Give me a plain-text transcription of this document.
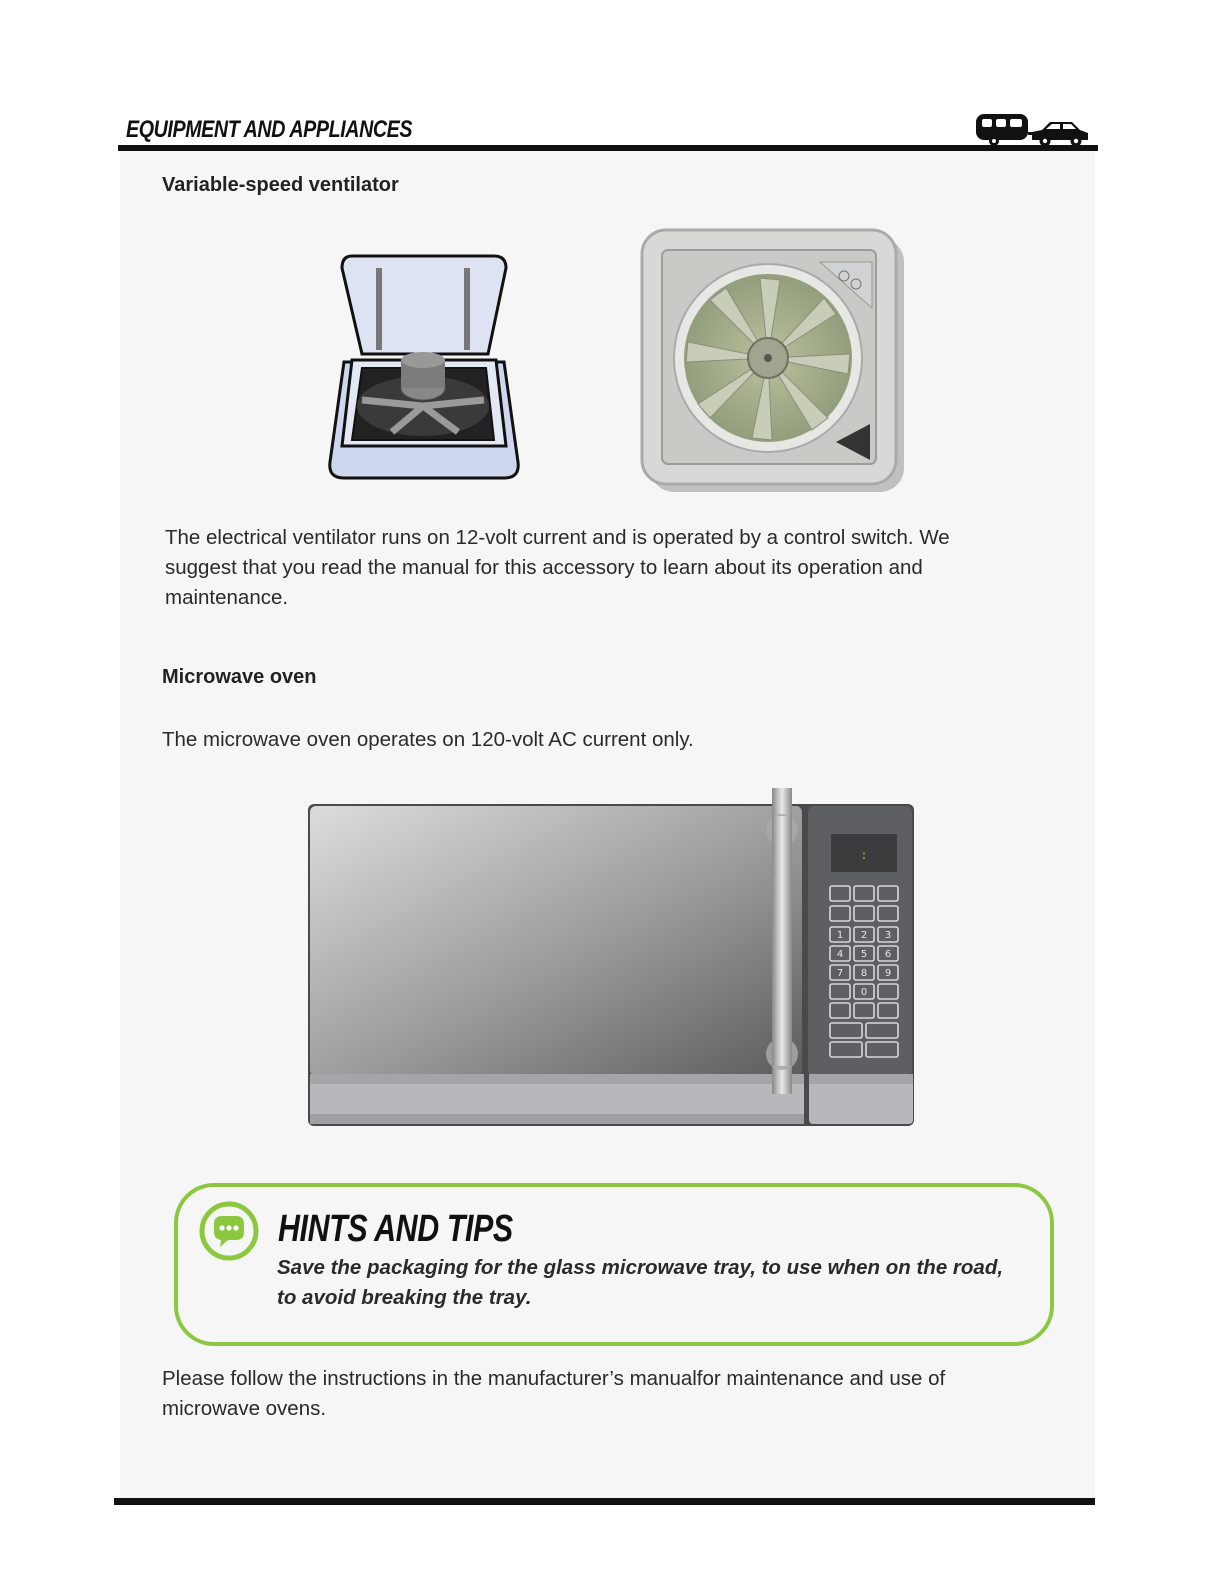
EQUIPMENT AND APPLIANCES
Variable-speed ventilator

The electrical ventilator runs on 12-volt current and is operated by a control switch. We suggest that you read the manual for this accessory to learn about its operation and maintenance.

Microwave oven

The microwave oven operates on 120-volt AC current only.

:
1 2 3
4 5 6
7 8 9
0
HINTS AND TIPS

Save the packaging for the glass microwave tray, to use when on the road, to avoid breaking the tray.

Please follow the instructions in the manufacturer’s manualfor maintenance and use of microwave ovens.
